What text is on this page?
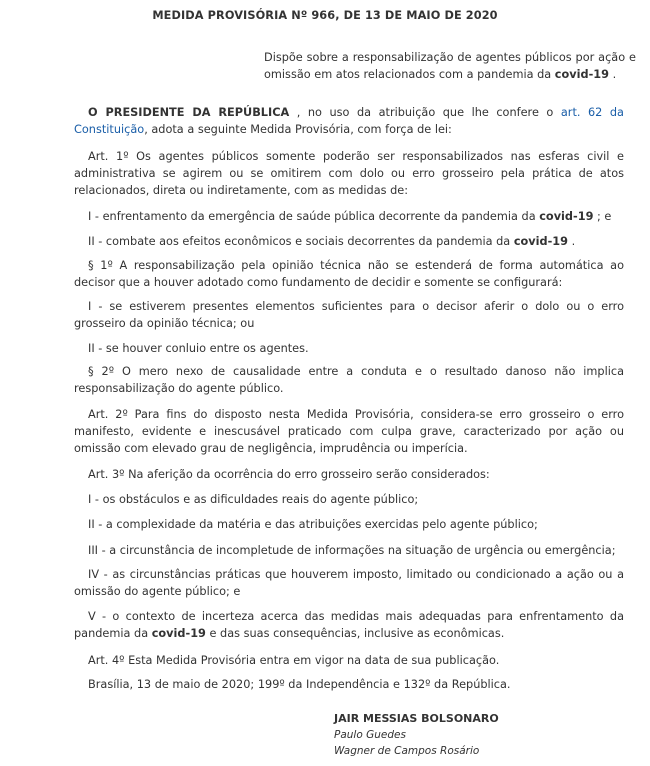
MEDIDA PROVISÓRIA Nº 966, DE 13 DE MAIO DE 2020
Dispõe sobre a responsabilização de agentes públicos por ação e omissão em atos relacionados com a pandemia da covid-19 .
O PRESIDENTE DA REPÚBLICA , no uso da atribuição que lhe confere o art. 62 da Constituição, adota a seguinte Medida Provisória, com força de lei:
Art. 1º Os agentes públicos somente poderão ser responsabilizados nas esferas civil e administrativa se agirem ou se omitirem com dolo ou erro grosseiro pela prática de atos relacionados, direta ou indiretamente, com as medidas de:
I - enfrentamento da emergência de saúde pública decorrente da pandemia da covid-19 ; e
II - combate aos efeitos econômicos e sociais decorrentes da pandemia da covid-19 .
§ 1º A responsabilização pela opinião técnica não se estenderá de forma automática ao decisor que a houver adotado como fundamento de decidir e somente se configurará:
I - se estiverem presentes elementos suficientes para o decisor aferir o dolo ou o erro grosseiro da opinião técnica; ou
II - se houver conluio entre os agentes.
§ 2º O mero nexo de causalidade entre a conduta e o resultado danoso não implica responsabilização do agente público.
Art. 2º Para fins do disposto nesta Medida Provisória, considera-se erro grosseiro o erro manifesto, evidente e inescusável praticado com culpa grave, caracterizado por ação ou omissão com elevado grau de negligência, imprudência ou imperícia.
Art. 3º Na aferição da ocorrência do erro grosseiro serão considerados:
I - os obstáculos e as dificuldades reais do agente público;
II - a complexidade da matéria e das atribuições exercidas pelo agente público;
III - a circunstância de incompletude de informações na situação de urgência ou emergência;
IV - as circunstâncias práticas que houverem imposto, limitado ou condicionado a ação ou a omissão do agente público; e
V - o contexto de incerteza acerca das medidas mais adequadas para enfrentamento da pandemia da covid-19 e das suas consequências, inclusive as econômicas.
Art. 4º Esta Medida Provisória entra em vigor na data de sua publicação.
Brasília, 13 de maio de 2020; 199º da Independência e 132º da República.
JAIR MESSIAS BOLSONARO
Paulo Guedes
Wagner de Campos Rosário
